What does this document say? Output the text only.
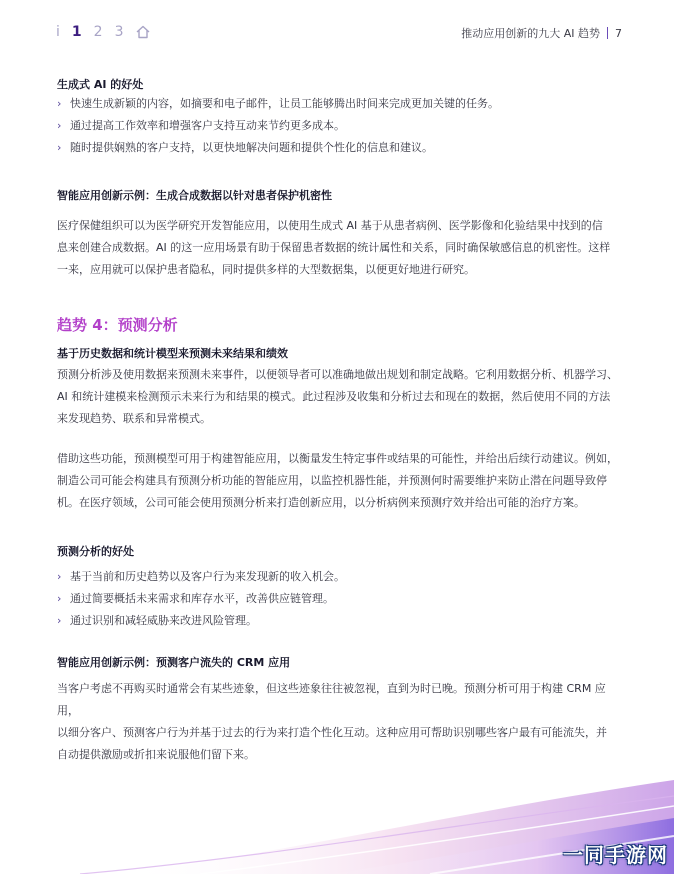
i 1 2 3	推动应用创新的九大 AI 趋势 7
生成式 AI 的好处
› 快速生成新颖的内容，如摘要和电子邮件，让员工能够腾出时间来完成更加关键的任务。
› 通过提高工作效率和增强客户支持互动来节约更多成本。
› 随时提供娴熟的客户支持，以更快地解决问题和提供个性化的信息和建议。
智能应用创新示例：生成合成数据以针对患者保护机密性

医疗保健组织可以为医学研究开发智能应用，以使用生成式 AI 基于从患者病例、医学影像和化验结果中找到的信

息来创建合成数据。AI 的这一应用场景有助于保留患者数据的统计属性和关系，同时确保敏感信息的机密性。这样

一来，应用就可以保护患者隐私，同时提供多样的大型数据集，以便更好地进行研究。

趋势 4：预测分析
基于历史数据和统计模型来预测未来结果和绩效

预测分析涉及使用数据来预测未来事件，以便领导者可以准确地做出规划和制定战略。它利用数据分析、机器学习、

AI 和统计建模来检测预示未来行为和结果的模式。此过程涉及收集和分析过去和现在的数据，然后使用不同的方法

来发现趋势、联系和异常模式。

借助这些功能，预测模型可用于构建智能应用，以衡量发生特定事件或结果的可能性，并给出后续行动建议。例如，

制造公司可能会构建具有预测分析功能的智能应用，以监控机器性能，并预测何时需要维护来防止潜在问题导致停

机。在医疗领域，公司可能会使用预测分析来打造创新应用，以分析病例来预测疗效并给出可能的治疗方案。

预测分析的好处
› 基于当前和历史趋势以及客户行为来发现新的收入机会。
› 通过简要概括未来需求和库存水平，改善供应链管理。
› 通过识别和减轻威胁来改进风险管理。
智能应用创新示例：预测客户流失的 CRM 应用

当客户考虑不再购买时通常会有某些迹象，但这些迹象往往被忽视，直到为时已晚。预测分析可用于构建 CRM 应用，

以细分客户、预测客户行为并基于过去的行为来打造个性化互动。这种应用可帮助识别哪些客户最有可能流失，并

自动提供激励或折扣来说服他们留下来。

一同手游网
